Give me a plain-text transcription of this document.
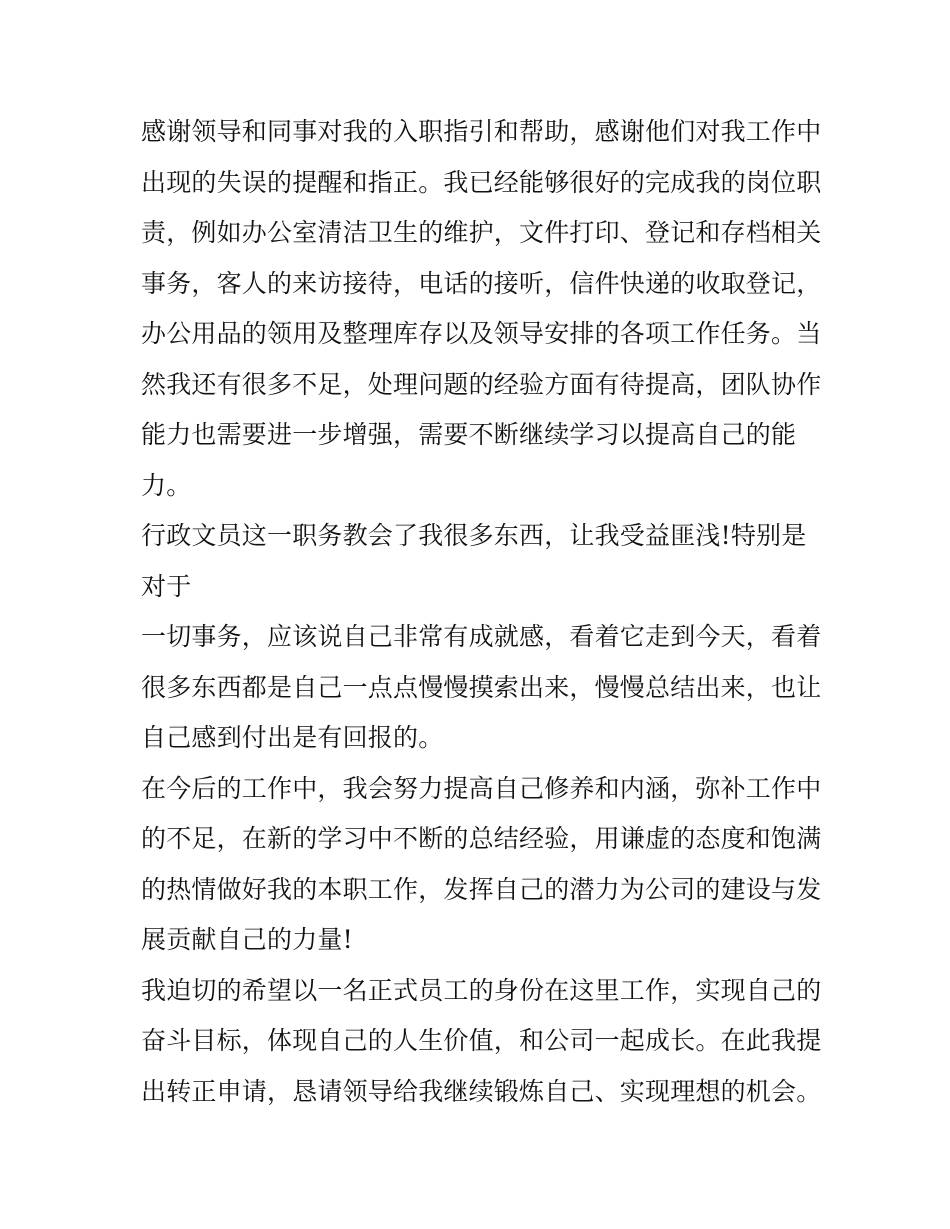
感谢领导和同事对我的入职指引和帮助，感谢他们对我工作中
出现的失误的提醒和指正。我已经能够很好的完成我的岗位职
责，例如办公室清洁卫生的维护，文件打印、登记和存档相关
事务，客人的来访接待，电话的接听，信件快递的收取登记，
办公用品的领用及整理库存以及领导安排的各项工作任务。当
然我还有很多不足，处理问题的经验方面有待提高，团队协作
能力也需要进一步增强，需要不断继续学习以提高自己的能
力。
行政文员这一职务教会了我很多东西，让我受益匪浅!特别是
对于
一切事务，应该说自己非常有成就感，看着它走到今天，看着
很多东西都是自己一点点慢慢摸索出来，慢慢总结出来，也让
自己感到付出是有回报的。
在今后的工作中，我会努力提高自己修养和内涵，弥补工作中
的不足，在新的学习中不断的总结经验，用谦虚的态度和饱满
的热情做好我的本职工作，发挥自己的潜力为公司的建设与发
展贡献自己的力量!
我迫切的希望以一名正式员工的身份在这里工作，实现自己的
奋斗目标，体现自己的人生价值，和公司一起成长。在此我提
出转正申请，恳请领导给我继续锻炼自己、实现理想的机会。
